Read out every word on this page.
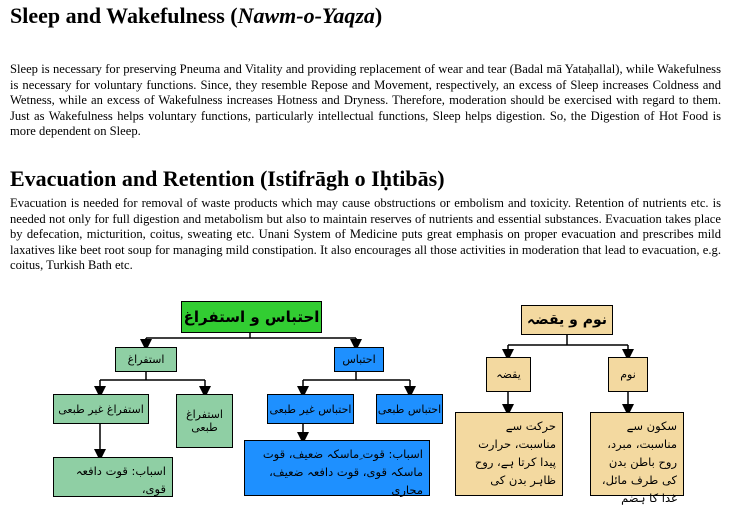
Sleep and Wakefulness (Nawm-o-Yaqza)

Sleep is necessary for preserving Pneuma and Vitality and providing replacement of wear and tear (Badal mā Yataḥallal), while Wakefulness is necessary for voluntary functions. Since, they resemble Repose and Movement, respectively, an excess of Sleep increases Coldness and Wetness, while an excess of Wakefulness increases Hotness and Dryness. Therefore, moderation should be exercised with regard to them. Just as Wakefulness helps voluntary functions, particularly intellectual functions, Sleep helps digestion. So, the Digestion of Hot Food is more dependent on Sleep.

Evacuation and Retention (Istifrāgh o Iḥtibās)

Evacuation is needed for removal of waste products which may cause obstructions or embolism and toxicity. Retention of nutrients etc. is needed not only for full digestion and metabolism but also to maintain reserves of nutrients and essential substances. Evacuation takes place by defecation, micturition, coitus, sweating etc. Unani System of Medicine puts great emphasis on proper evacuation and prescribes mild laxatives like beet root soup for managing mild constipation. It also encourages all those activities in moderation that lead to evacuation, e.g. coitus, Turkish Bath etc.

احتباس و استفراغ
استفراغ	احتباس
استفراغ غیر طبعی	استفراغ طبعی
احتباس غیر طبعی احتباس طبعی
اسباب: قوت دافعہ قوی،
اسباب: قوت ِماسکہ ضعیف، قوت ماسکہ قوی، قوت دافعہ ضعیف، مجاری
نوم و یقضہ
یقضہ	نوم
حرکت سے مناسبت، حرارت پیدا کرتا ہے، روح ظاہر بدن کی
سکون سے مناسبت، مبرد، روح باطن بدن کی طرف مائل، غذا کا ہضم
